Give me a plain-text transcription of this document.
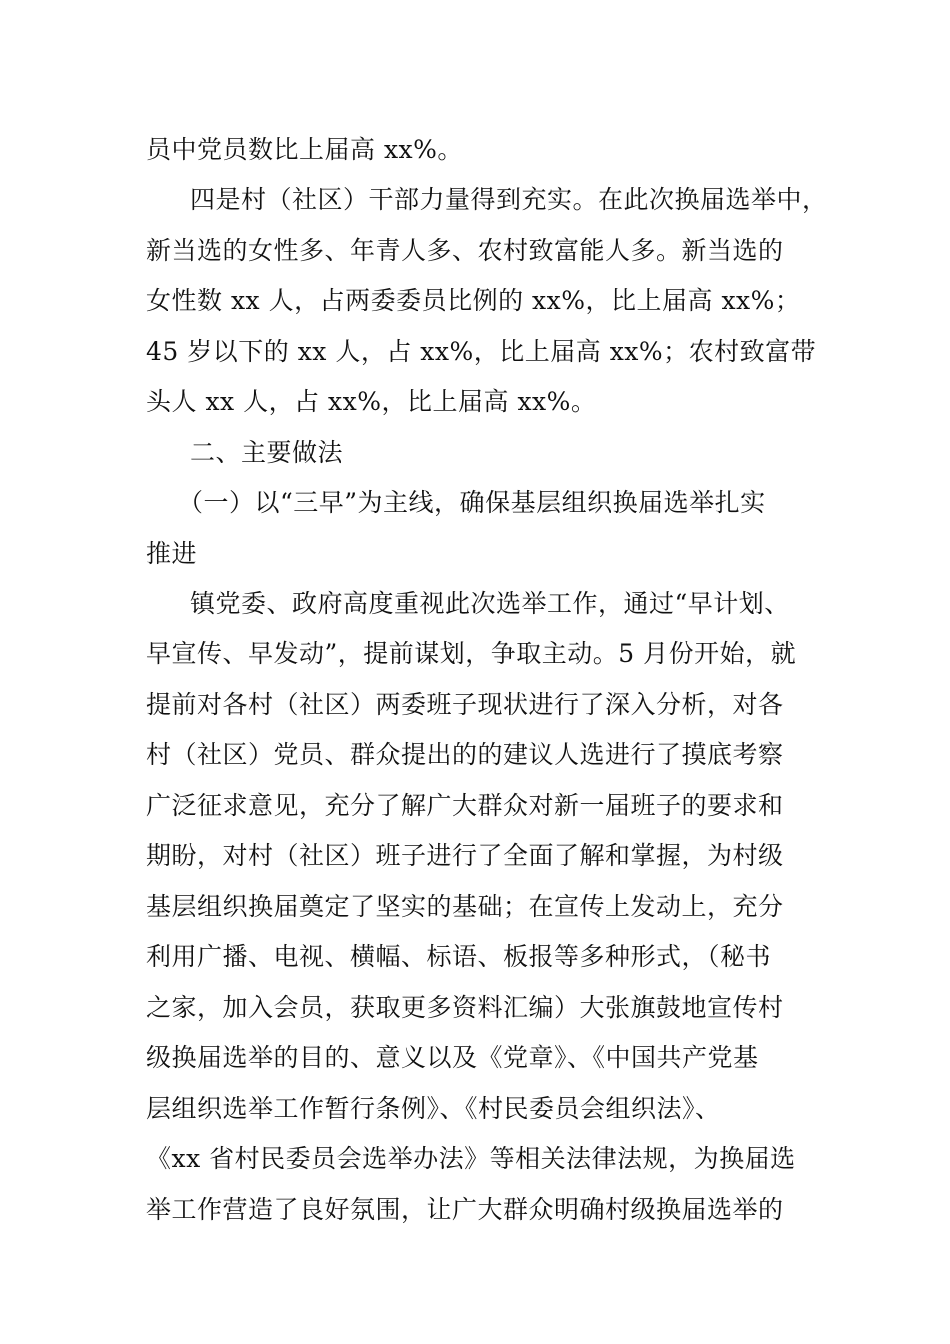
员中党员数比上届高 xx%。
四是村（社区）干部力量得到充实。在此次换届选举中，
新当选的女性多、年青人多、农村致富能人多。新当选的
女性数 xx 人，占两委委员比例的 xx%，比上届高 xx%；
45 岁以下的 xx 人，占 xx%，比上届高 xx%；农村致富带
头人 xx 人，占 xx%，比上届高 xx%。
二、主要做法
（一）以“三早”为主线，确保基层组织换届选举扎实
推进
镇党委、政府高度重视此次选举工作，通过“早计划、
早宣传、早发动”，提前谋划，争取主动。5 月份开始，就
提前对各村（社区）两委班子现状进行了深入分析，对各
村（社区）党员、群众提出的的建议人选进行了摸底考察
广泛征求意见，充分了解广大群众对新一届班子的要求和
期盼，对村（社区）班子进行了全面了解和掌握，为村级
基层组织换届奠定了坚实的基础；在宣传上发动上，充分
利用广播、电视、横幅、标语、板报等多种形式，（秘书
之家，加入会员，获取更多资料汇编）大张旗鼓地宣传村
级换届选举的目的、意义以及《党章》、《中国共产党基
层组织选举工作暂行条例》、《村民委员会组织法》、
《xx 省村民委员会选举办法》等相关法律法规，为换届选
举工作营造了良好氛围，让广大群众明确村级换届选举的
